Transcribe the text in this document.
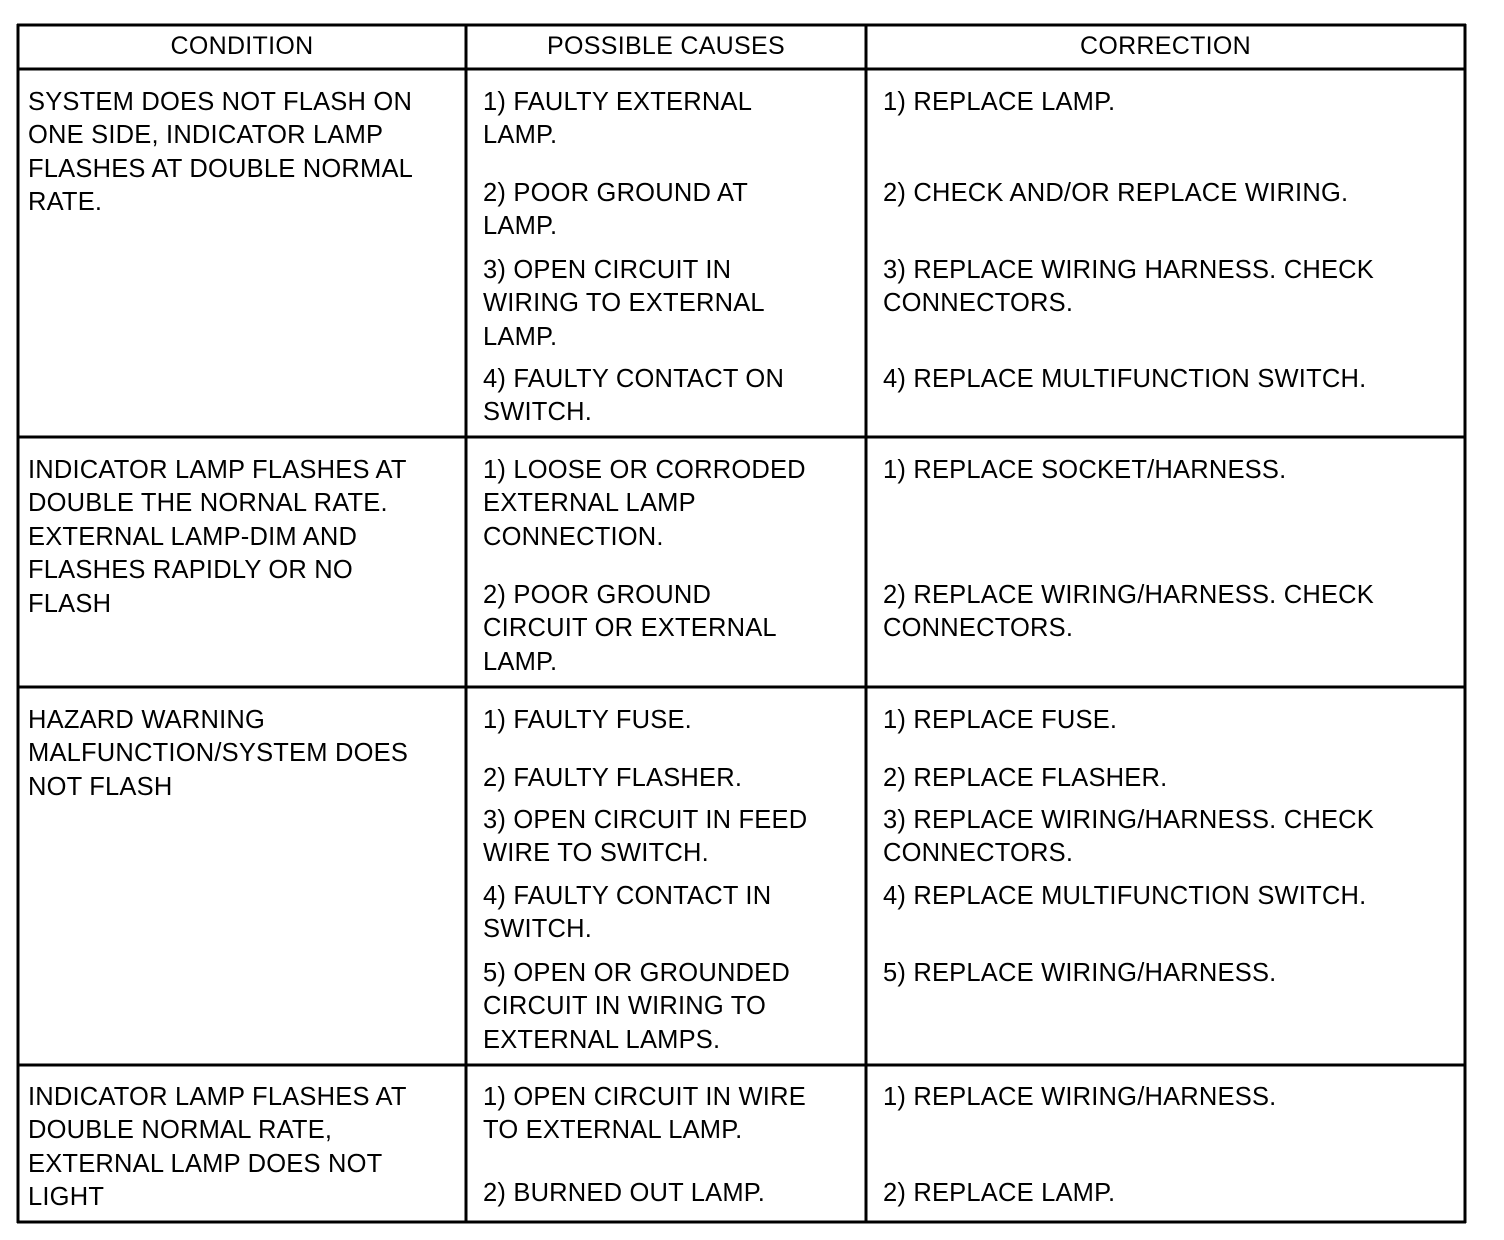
CONDITION	POSSIBLE CAUSES	CORRECTION
SYSTEM DOES NOT FLASH ON
ONE SIDE, INDICATOR LAMP
FLASHES AT DOUBLE NORMAL
RATE.
1) FAULTY EXTERNAL
LAMP.
2) POOR GROUND AT
LAMP.
3) OPEN CIRCUIT IN
WIRING TO EXTERNAL
LAMP.
4) FAULTY CONTACT ON
SWITCH.
1) REPLACE LAMP.
2) CHECK AND/OR REPLACE WIRING.
3) REPLACE WIRING HARNESS. CHECK
CONNECTORS.
4) REPLACE MULTIFUNCTION SWITCH.
INDICATOR LAMP FLASHES AT
DOUBLE THE NORNAL RATE.
EXTERNAL LAMP-DIM AND
FLASHES RAPIDLY OR NO
FLASH
1) LOOSE OR CORRODED
EXTERNAL LAMP
CONNECTION.
2) POOR GROUND
CIRCUIT OR EXTERNAL
LAMP.
1) REPLACE SOCKET/HARNESS.
2) REPLACE WIRING/HARNESS. CHECK
CONNECTORS.
HAZARD WARNING
MALFUNCTION/SYSTEM DOES
NOT FLASH
1) FAULTY FUSE.
2) FAULTY FLASHER.
3) OPEN CIRCUIT IN FEED
WIRE TO SWITCH.
4) FAULTY CONTACT IN
SWITCH.
5) OPEN OR GROUNDED
CIRCUIT IN WIRING TO
EXTERNAL LAMPS.
1) REPLACE FUSE.
2) REPLACE FLASHER.
3) REPLACE WIRING/HARNESS. CHECK
CONNECTORS.
4) REPLACE MULTIFUNCTION SWITCH.
5) REPLACE WIRING/HARNESS.
INDICATOR LAMP FLASHES AT
DOUBLE NORMAL RATE,
EXTERNAL LAMP DOES NOT
LIGHT
1) OPEN CIRCUIT IN WIRE
TO EXTERNAL LAMP.
2) BURNED OUT LAMP.
1) REPLACE WIRING/HARNESS.
2) REPLACE LAMP.
